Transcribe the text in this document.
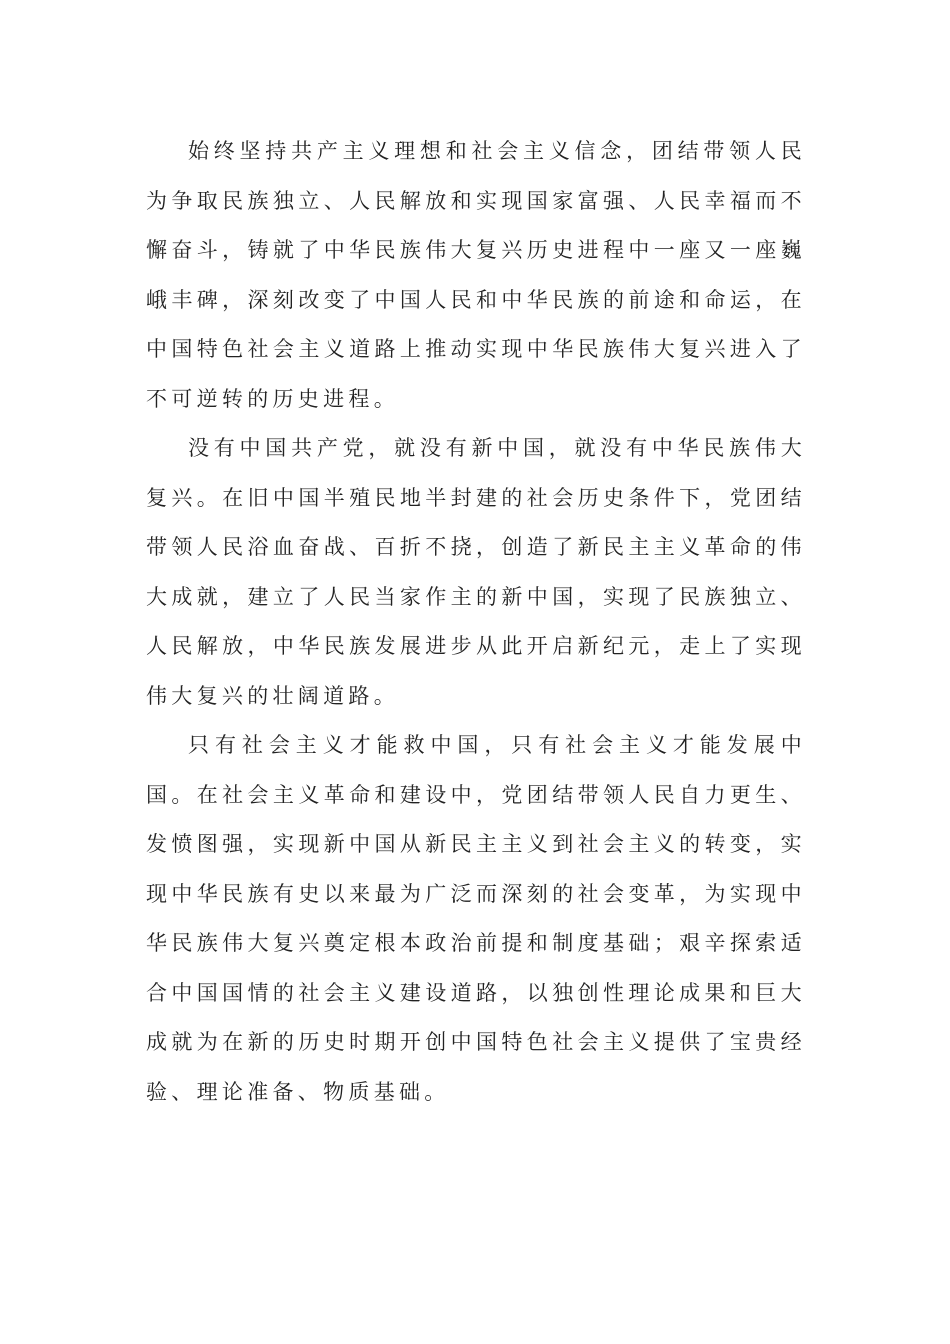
始终坚持共产主义理想和社会主义信念，团结带领人民为争取民族独立、人民解放和实现国家富强、人民幸福而不懈奋斗，铸就了中华民族伟大复兴历史进程中一座又一座巍峨丰碑，深刻改变了中国人民和中华民族的前途和命运，在中国特色社会主义道路上推动实现中华民族伟大复兴进入了不可逆转的历史进程。

没有中国共产党，就没有新中国，就没有中华民族伟大复兴。在旧中国半殖民地半封建的社会历史条件下，党团结带领人民浴血奋战、百折不挠，创造了新民主主义革命的伟大成就，建立了人民当家作主的新中国，实现了民族独立、人民解放，中华民族发展进步从此开启新纪元，走上了实现伟大复兴的壮阔道路。

只有社会主义才能救中国，只有社会主义才能发展中国。在社会主义革命和建设中，党团结带领人民自力更生、发愤图强，实现新中国从新民主主义到社会主义的转变，实现中华民族有史以来最为广泛而深刻的社会变革，为实现中华民族伟大复兴奠定根本政治前提和制度基础；艰辛探索适合中国国情的社会主义建设道路，以独创性理论成果和巨大成就为在新的历史时期开创中国特色社会主义提供了宝贵经验、理论准备、物质基础。
